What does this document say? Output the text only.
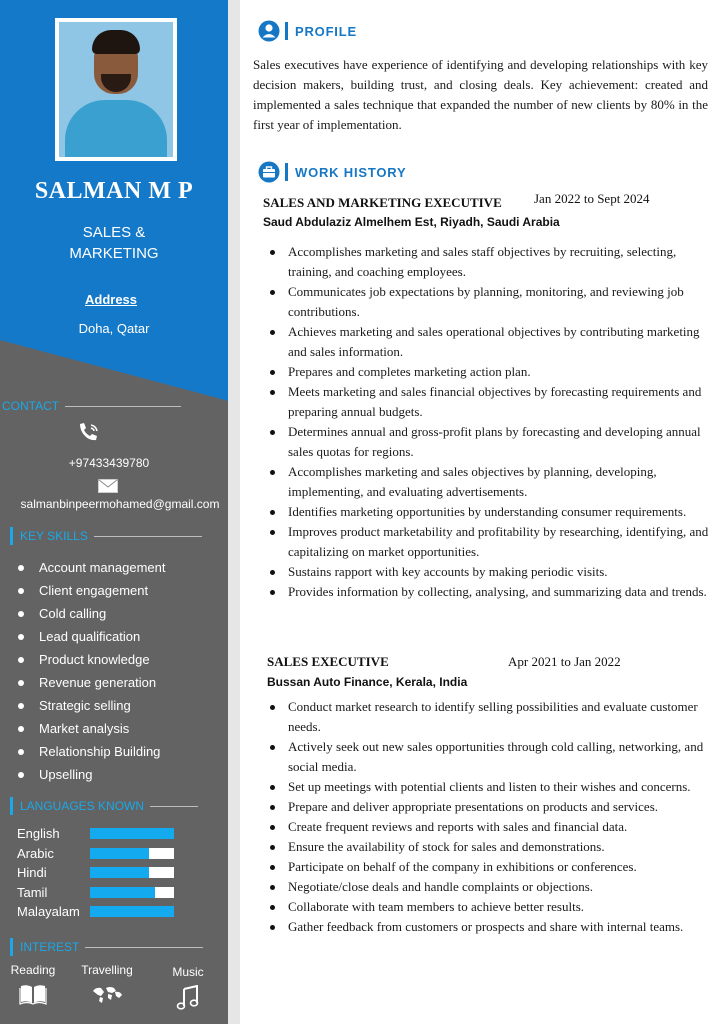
SALMAN M P
SALES &
MARKETING
Address
Doha, Qatar
CONTACT
+97433439780
salmanbinpeermohamed@gmail.com
KEY SKILLS
Account management
Client engagement
Cold calling
Lead qualification
Product knowledge
Revenue generation
Strategic selling
Market analysis
Relationship Building
Upselling
LANGUAGES KNOWN
English
Arabic
Hindi
Tamil
Malayalam
INTEREST
Reading	Travelling	Music
PROFILE

Sales executives have experience of identifying and developing relationships with key decision makers, building trust, and closing deals. Key achievement: created and implemented a sales technique that expanded the number of new clients by 80% in the first year of implementation.

WORK HISTORY
SALES AND MARKETING EXECUTIVE Jan 2022 to Sept 2024
Saud Abdulaziz Almelhem Est, Riyadh, Saudi Arabia
Accomplishes marketing and sales staff objectives by recruiting, selecting, training, and coaching employees.
Communicates job expectations by planning, monitoring, and reviewing job contributions.
Achieves marketing and sales operational objectives by contributing marketing and sales information.
Prepares and completes marketing action plan.
Meets marketing and sales financial objectives by forecasting requirements and preparing annual budgets.
Determines annual and gross-profit plans by forecasting and developing annual sales quotas for regions.
Accomplishes marketing and sales objectives by planning, developing, implementing, and evaluating advertisements.
Identifies marketing opportunities by understanding consumer requirements.
Improves product marketability and profitability by researching, identifying, and capitalizing on market opportunities.
Sustains rapport with key accounts by making periodic visits.
Provides information by collecting, analysing, and summarizing data and trends.
SALES EXECUTIVE	Apr 2021 to Jan 2022
Bussan Auto Finance, Kerala, India
Conduct market research to identify selling possibilities and evaluate customer needs.
Actively seek out new sales opportunities through cold calling, networking, and social media.
Set up meetings with potential clients and listen to their wishes and concerns.
Prepare and deliver appropriate presentations on products and services.
Create frequent reviews and reports with sales and financial data.
Ensure the availability of stock for sales and demonstrations.
Participate on behalf of the company in exhibitions or conferences.
Negotiate/close deals and handle complaints or objections.
Collaborate with team members to achieve better results.
Gather feedback from customers or prospects and share with internal teams.
